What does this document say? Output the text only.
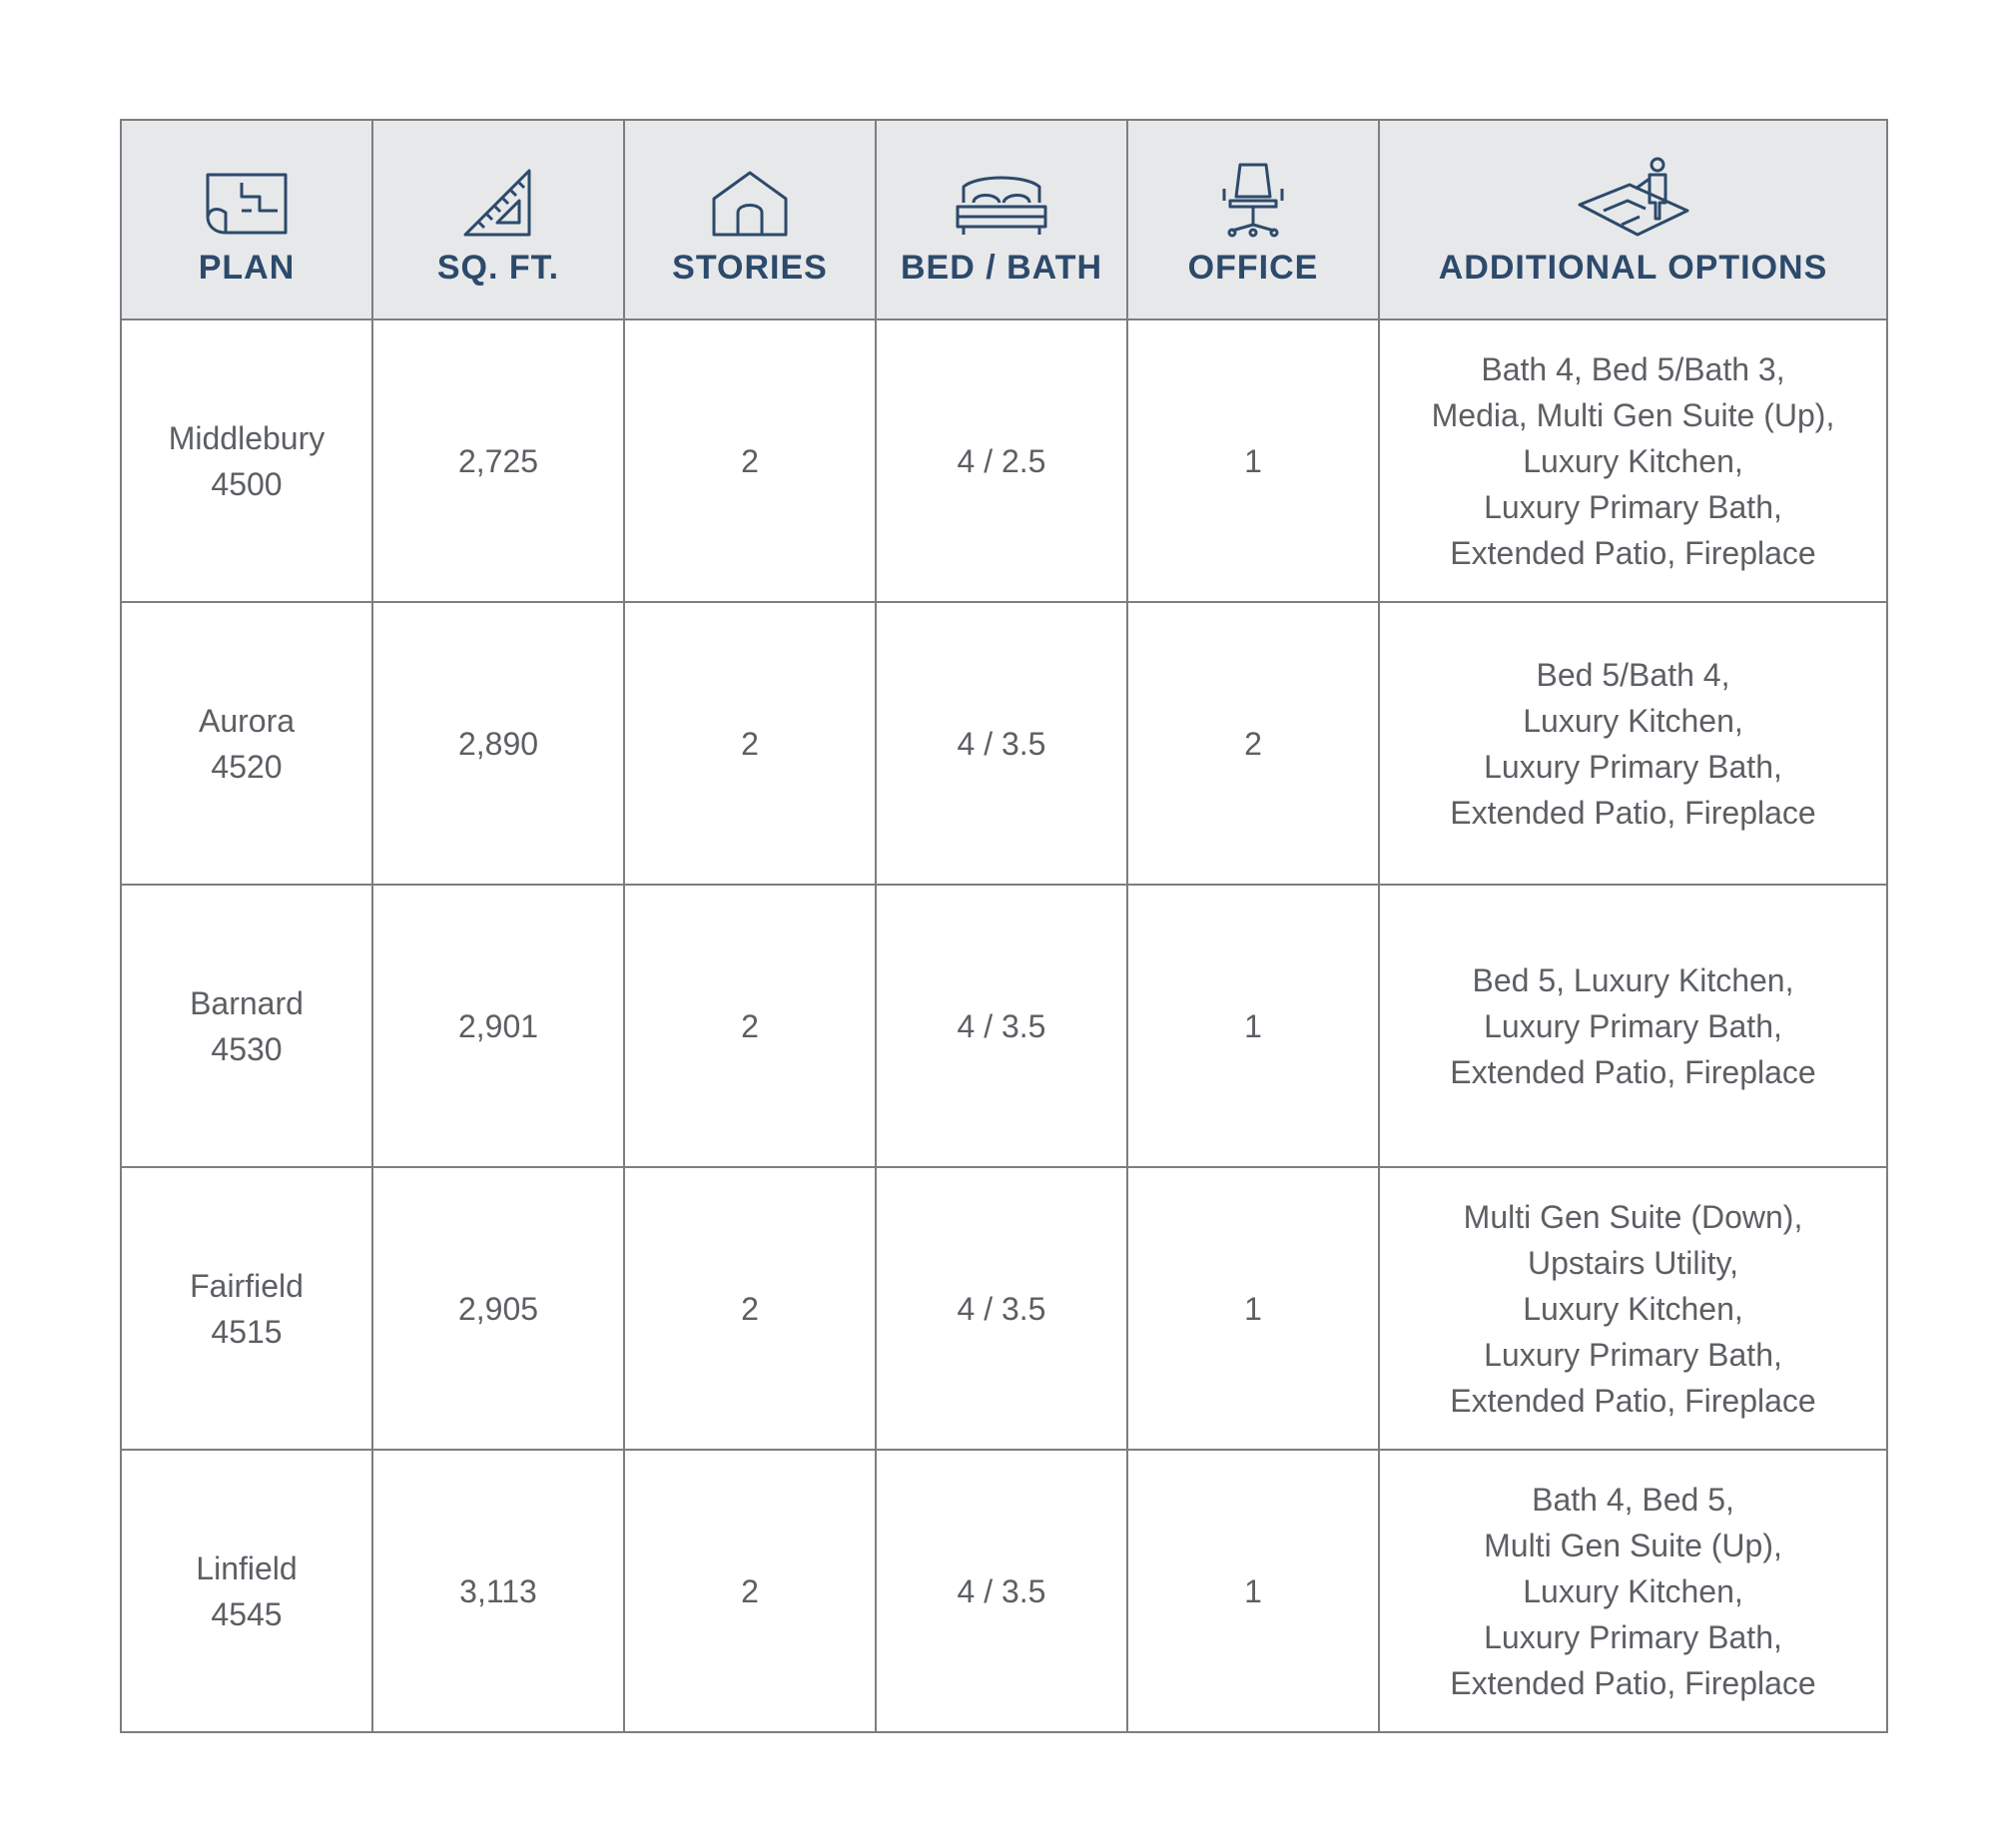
PLAN	SQ. FT.	STORIES	BED / BATH	OFFICE	ADDITIONAL OPTIONS

Middlebury
4500	2,725	2	4 / 2.5	1	Bath 4, Bed 5/Bath 3,
Media, Multi Gen Suite (Up),
Luxury Kitchen,
Luxury Primary Bath,
Extended Patio, Fireplace

Aurora
4520	2,890	2	4 / 3.5	2	Bed 5/Bath 4,
Luxury Kitchen,
Luxury Primary Bath,
Extended Patio, Fireplace

Barnard
4530	2,901	2	4 / 3.5	1	Bed 5, Luxury Kitchen,
Luxury Primary Bath,
Extended Patio, Fireplace

Fairfield
4515	2,905	2	4 / 3.5	1	Multi Gen Suite (Down),
Upstairs Utility,
Luxury Kitchen,
Luxury Primary Bath,
Extended Patio, Fireplace

Linfield
4545	3,113	2	4 / 3.5	1	Bath 4, Bed 5,
Multi Gen Suite (Up),
Luxury Kitchen,
Luxury Primary Bath,
Extended Patio, Fireplace
